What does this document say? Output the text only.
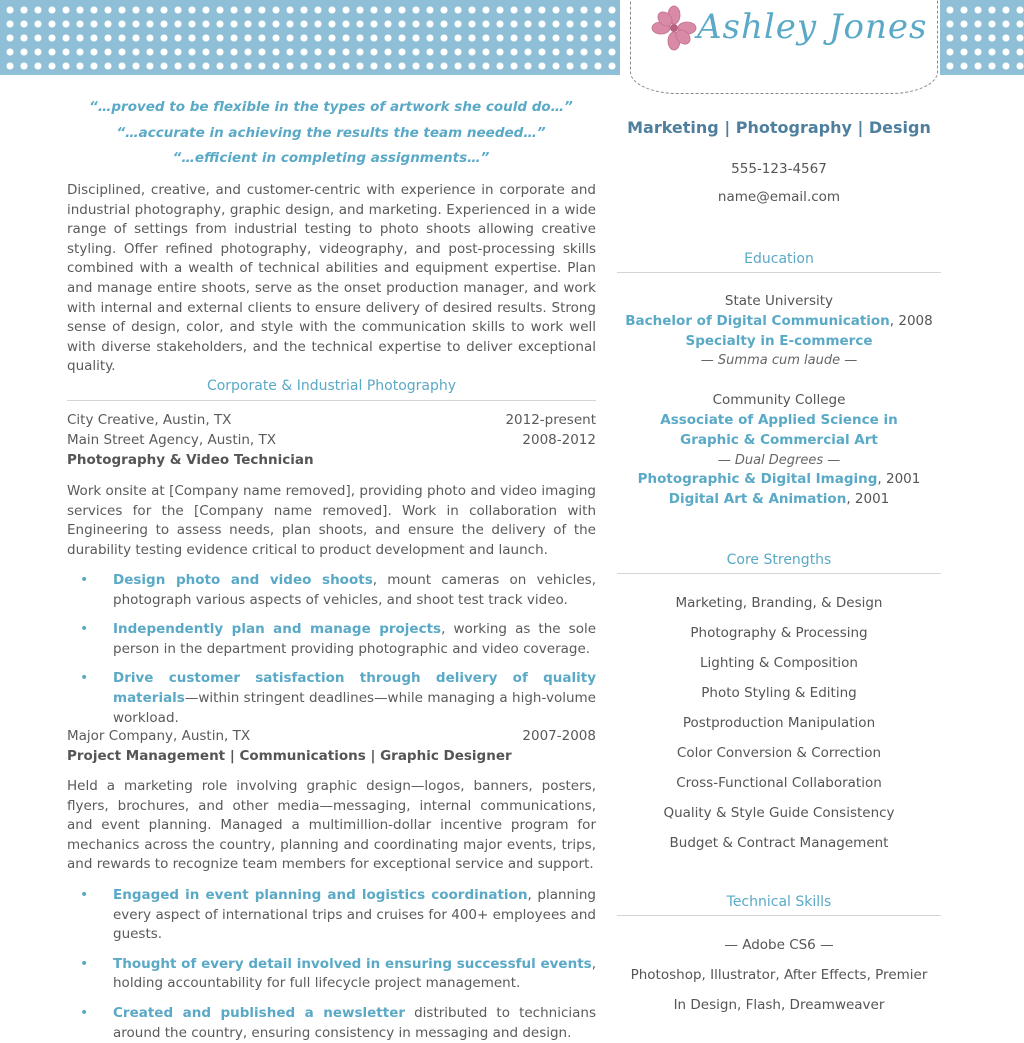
Ashley Jones
“…proved to be flexible in the types of artwork she could do…”
“…accurate in achieving the results the team needed…”
“…efficient in completing assignments…”

Disciplined, creative, and customer-centric with experience in corporate and industrial photography, graphic design, and marketing. Experienced in a wide range of settings from industrial testing to photo shoots allowing creative styling. Offer refined photography, videography, and post-processing skills combined with a wealth of technical abilities and equipment expertise. Plan and manage entire shoots, serve as the onset production manager, and work with internal and external clients to ensure delivery of desired results. Strong sense of design, color, and style with the communication skills to work well with diverse stakeholders, and the technical expertise to deliver exceptional quality.

Corporate & Industrial Photography
City Creative, Austin, TX	2012-present
Main Street Agency, Austin, TX	2008-2012
Photography & Video Technician

Work onsite at [Company name removed], providing photo and video imaging services for the [Company name removed]. Work in collaboration with Engineering to assess needs, plan shoots, and ensure the delivery of the durability testing evidence critical to product development and launch.

• Design photo and video shoots, mount cameras on vehicles, photograph various aspects of vehicles, and shoot test track video.
• Independently plan and manage projects, working as the sole person in the department providing photographic and video coverage.
• Drive customer satisfaction through delivery of quality materials—within stringent deadlines—while managing a high-volume workload.
Major Company, Austin, TX	2007-2008
Project Management | Communications | Graphic Designer

Held a marketing role involving graphic design—logos, banners, posters, flyers, brochures, and other media—messaging, internal communications, and event planning. Managed a multimillion-dollar incentive program for mechanics across the country, planning and coordinating major events, trips, and rewards to recognize team members for exceptional service and support.

• Engaged in event planning and logistics coordination, planning every aspect of international trips and cruises for 400+ employees and guests.
• Thought of every detail involved in ensuring successful events, holding accountability for full lifecycle project management.
• Created and published a newsletter distributed to technicians around the country, ensuring consistency in messaging and design.
Marketing | Photography | Design
555-123-4567
name@email.com
Education
State University
Bachelor of Digital Communication, 2008
Specialty in E-commerce
— Summa cum laude —
Community College
Associate of Applied Science in
Graphic & Commercial Art
— Dual Degrees —
Photographic & Digital Imaging, 2001
Digital Art & Animation, 2001
Core Strengths
Marketing, Branding, & Design
Photography & Processing
Lighting & Composition
Photo Styling & Editing
Postproduction Manipulation
Color Conversion & Correction
Cross-Functional Collaboration
Quality & Style Guide Consistency
Budget & Contract Management
Technical Skills
— Adobe CS6 —
Photoshop, Illustrator, After Effects, Premier
In Design, Flash, Dreamweaver
